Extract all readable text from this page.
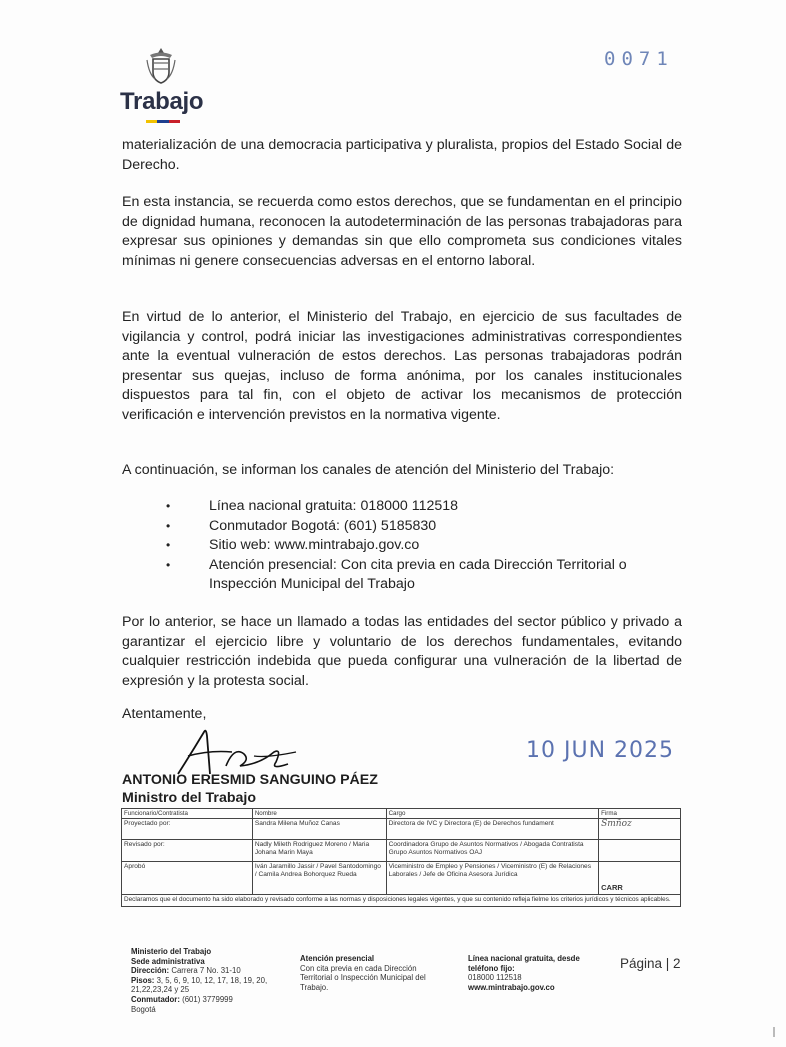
Trabajo
0071

materialización de una democracia participativa y pluralista, propios del Estado Social de Derecho.

En esta instancia, se recuerda como estos derechos, que se fundamentan en el principio de dignidad humana, reconocen la autodeterminación de las personas trabajadoras para expresar sus opiniones y demandas sin que ello comprometa sus condiciones vitales mínimas ni genere consecuencias adversas en el entorno laboral.

En virtud de lo anterior, el Ministerio del Trabajo, en ejercicio de sus facultades de vigilancia y control, podrá iniciar las investigaciones administrativas correspondientes ante la eventual vulneración de estos derechos. Las personas trabajadoras podrán presentar sus quejas, incluso de forma anónima, por los canales institucionales dispuestos para tal fin, con el objeto de activar los mecanismos de protección verificación e intervención previstos en la normativa vigente.

A continuación, se informan los canales de atención del Ministerio del Trabajo:

•	Línea nacional gratuita: 018000 112518
•	Conmutador Bogotá: (601) 5185830
•	Sitio web: www.mintrabajo.gov.co
•	Atención presencial: Con cita previa en cada Dirección Territorial o Inspección Municipal del Trabajo

Por lo anterior, se hace un llamado a todas las entidades del sector público y privado a garantizar el ejercicio libre y voluntario de los derechos fundamentales, evitando cualquier restricción indebida que pueda configurar una vulneración de la libertad de expresión y la protesta social.

Atentamente,
10 JUN 2025
ANTONIO ERESMID SANGUINO PÁEZ
Ministro del Trabajo
Funcionario/Contratista	Nombre	Cargo	Firma
Proyectado por:	Sandra Milena Muñoz Canas	Directora de IVC y Directora (E) de Derechos fundament	Smñoz
Revisado por:	Nadly Mileth Rodriguez Moreno / Maria Johana Marin Maya	Coordinadora Grupo de Asuntos Normativos / Abogada Contratista Grupo Asuntos Normativos OAJ	
Aprobó	Iván Jaramillo Jassir / Pavel Santodomingo / Camila Andrea Bohorquez Rueda	Viceministro de Empleo y Pensiones / Viceministro (E) de Relaciones Laborales / Jefe de Oficina Asesora Jurídica	CARR
Declaramos que el documento ha sido elaborado y revisado conforme a las normas y disposiciones legales vigentes, y que su contenido refleja fielme los criterios jurídicos y técnicos aplicables.			
Ministerio del Trabajo
Sede administrativa
Dirección: Carrera 7 No. 31-10
Pisos: 3, 5, 6, 9, 10, 12, 17, 18, 19, 20, 21,22,23,24 y 25
Conmutador: (601) 3779999
Bogotá
Atención presencial
Con cita previa en cada Dirección Territorial o Inspección Municipal del Trabajo.
Línea nacional gratuita, desde teléfono fijo:
018000 112518
www.mintrabajo.gov.co
Página | 2
